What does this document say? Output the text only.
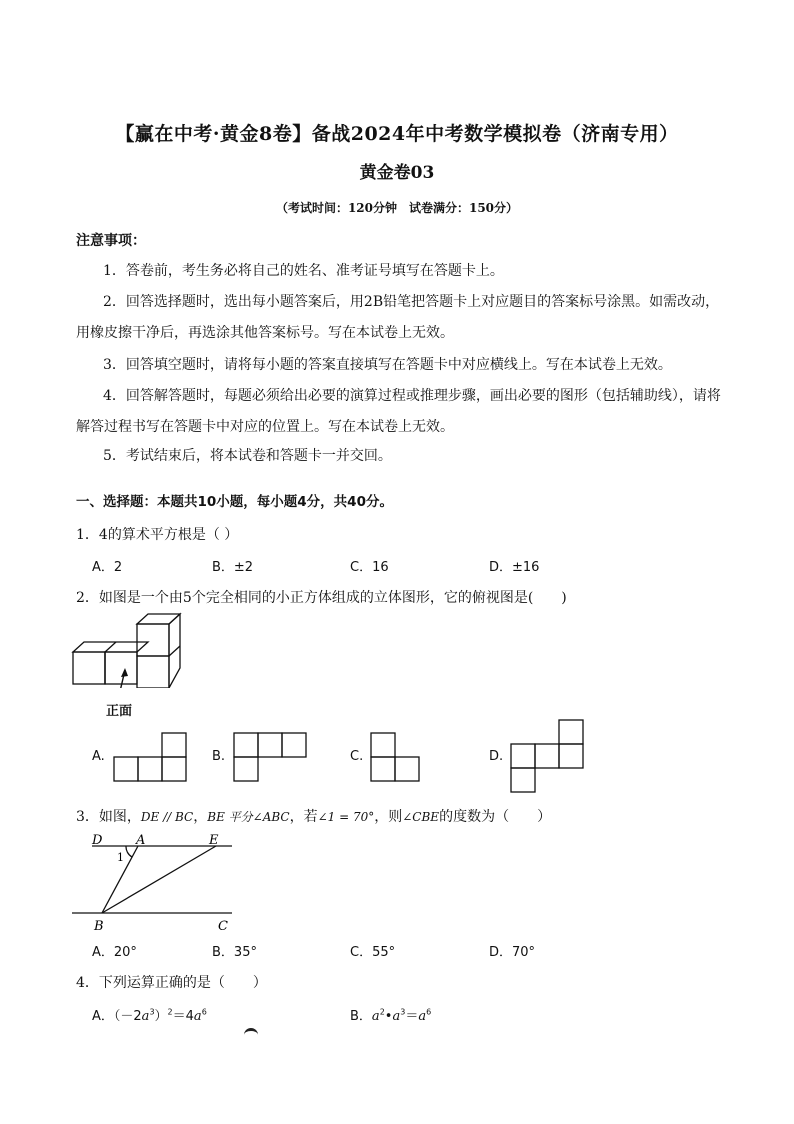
【赢在中考·黄金8卷】备战2024年中考数学模拟卷（济南专用）
黄金卷03
（考试时间：120分钟　试卷满分：150分）
注意事项：
1．答卷前，考生务必将自己的姓名、准考证号填写在答题卡上。
2．回答选择题时，选出每小题答案后，用2B铅笔把答题卡上对应题目的答案标号涂黑。如需改动，
用橡皮擦干净后，再选涂其他答案标号。写在本试卷上无效。
3．回答填空题时，请将每小题的答案直接填写在答题卡中对应横线上。写在本试卷上无效。
4．回答解答题时，每题必须给出必要的演算过程或推理步骤，画出必要的图形（包括辅助线），请将
解答过程书写在答题卡中对应的位置上。写在本试卷上无效。
5．考试结束后，将本试卷和答题卡一并交回。
一、选择题：本题共10小题，每小题4分，共40分。
1．4的算术平方根是（ ）
A．2	B．±2	C．16	D．±16
2．如图是一个由5个完全相同的小正方体组成的立体图形，它的俯视图是(　　)
正面
A.	B.	C.	D.
3．如图，DE // BC，BE 平分∠ABC，若∠1 = 70°，则∠CBE的度数为（　　）
D	A	E
B	C
1
A．20°	B．35°	C．55°	D．70°
4．下列运算正确的是（　　）
A．$(-2a^3)^2=4a^6$	B．$a^2•a^3=a^6$
